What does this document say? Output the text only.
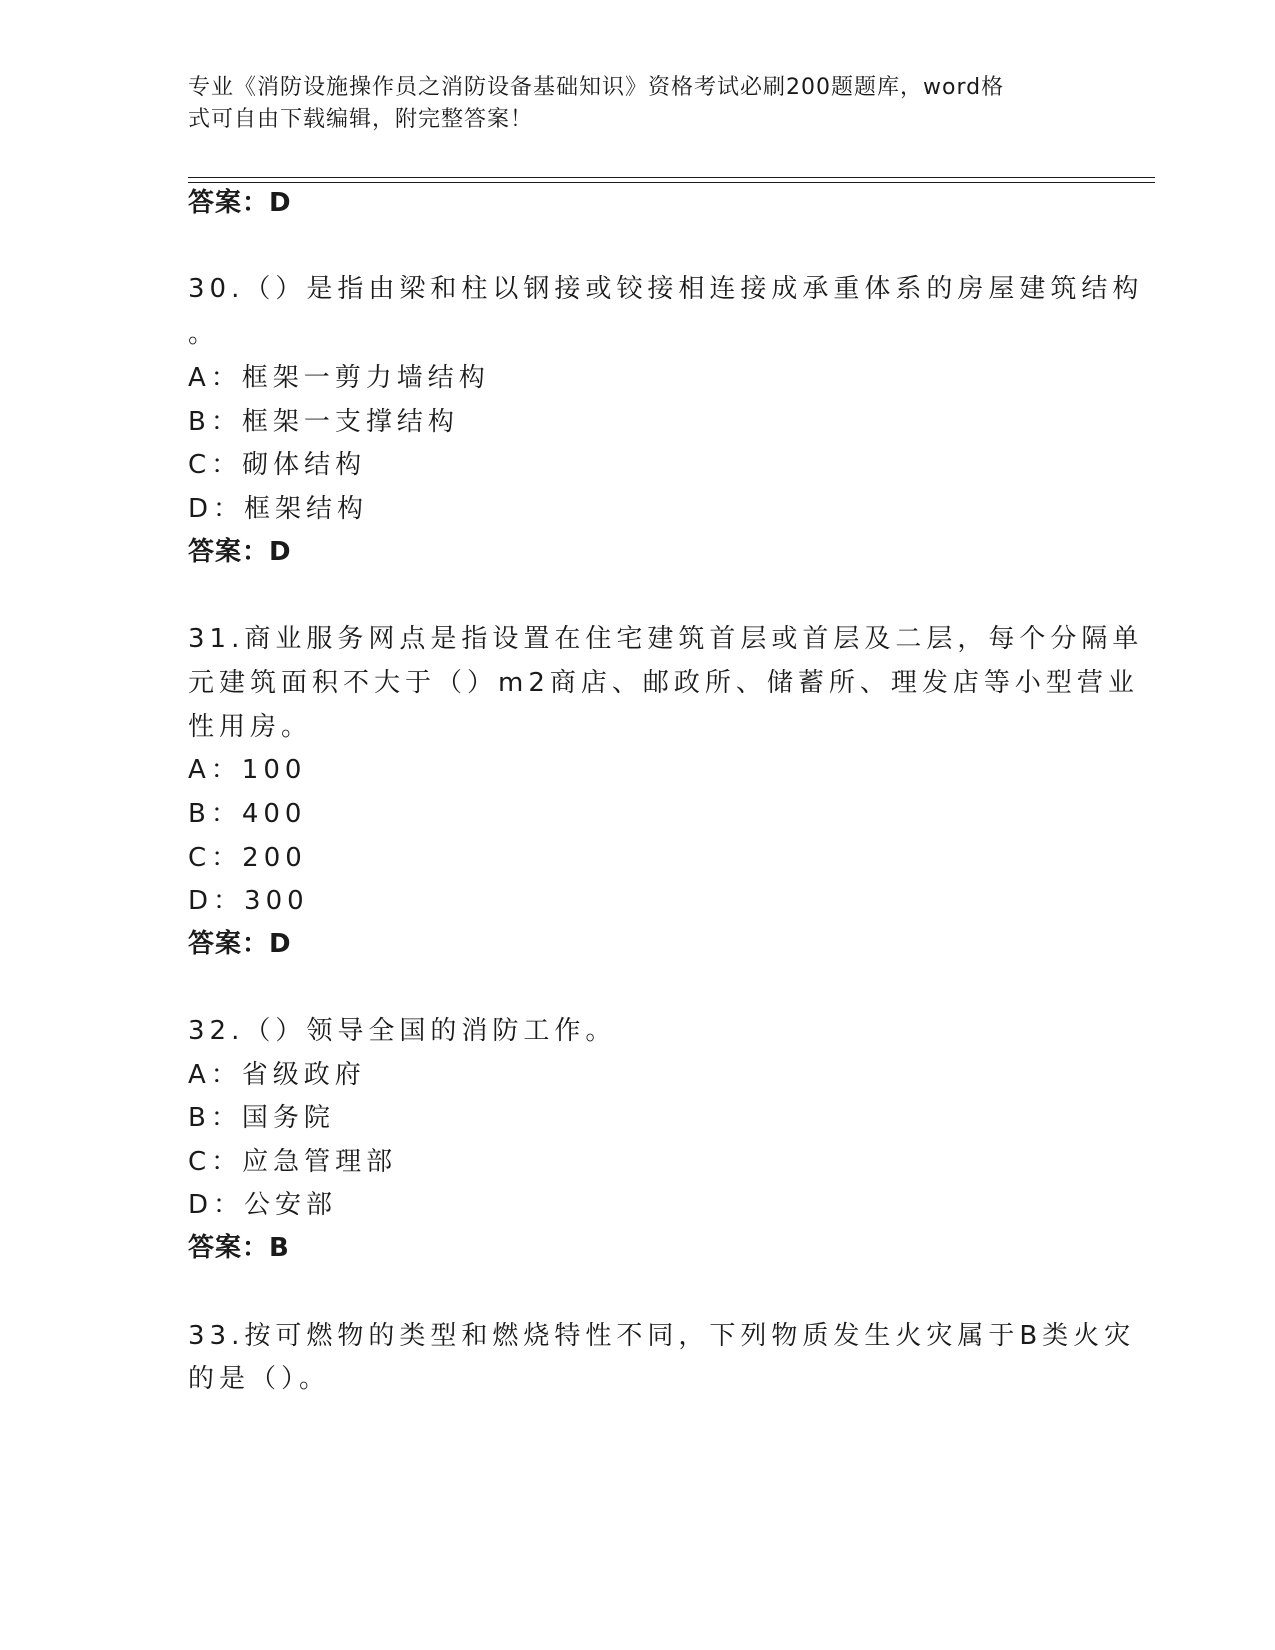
专业《消防设施操作员之消防设备基础知识》资格考试必刷200题题库，word格
式可自由下载编辑，附完整答案！
答案：D
30.（）是指由梁和柱以钢接或铰接相连接成承重体系的房屋建筑结构
。
A：框架一剪力墙结构
B：框架一支撑结构
C：砌体结构
D：框架结构
答案：D
31.商业服务网点是指设置在住宅建筑首层或首层及二层，每个分隔单
元建筑面积不大于（）m2商店、邮政所、储蓄所、理发店等小型营业
性用房。
A：100
B：400
C：200
D：300
答案：D
32.（）领导全国的消防工作。
A：省级政府
B：国务院
C：应急管理部
D：公安部
答案：B
33.按可燃物的类型和燃烧特性不同，下列物质发生火灾属于B类火灾
的是（）。
